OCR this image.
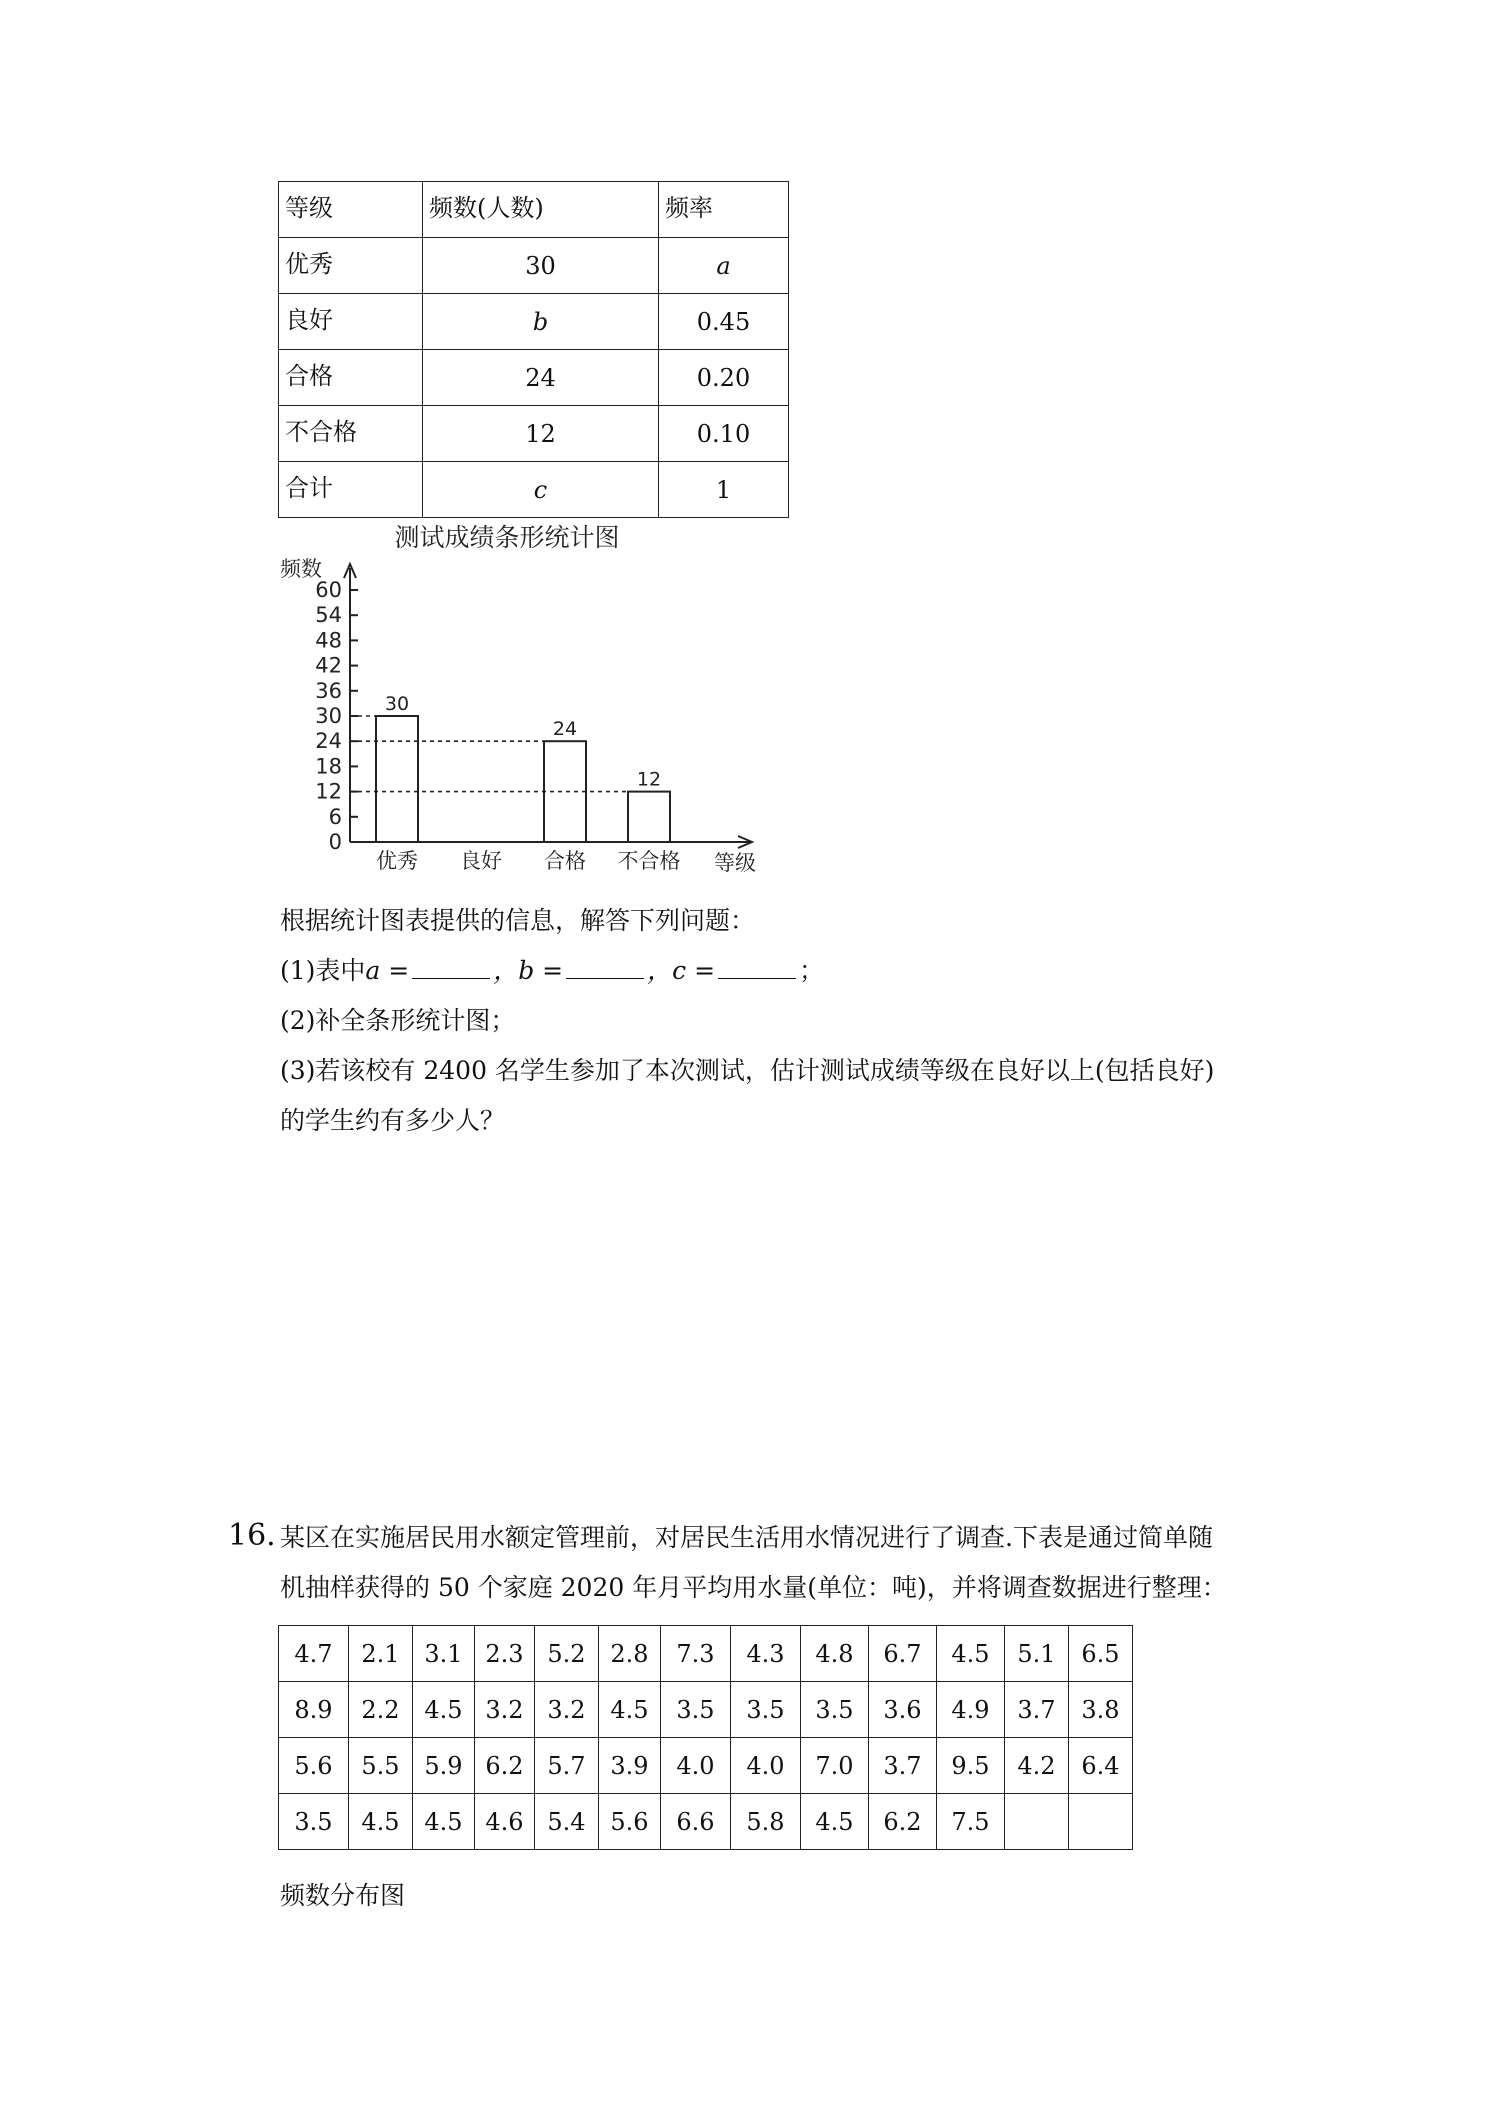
等级	频数(人数)	频率
优秀	30	a
良好	b	0.45
合格	24	0.20
不合格	12	0.10
合计	c	1
测试成绩条形统计图
频数
等级
0
6
12
18
24
30
36
42
48
54
60
优秀
30
良好 合格
24
不合格
12
根据统计图表提供的信息，解答下列问题：
(1)表中𝑎 =	，𝑏 =	，𝑐 =	；
(2)补全条形统计图；
(3)若该校有 2400 名学生参加了本次测试，估计测试成绩等级在良好以上(包括良好)
的学生约有多少人？
16. 某区在实施居民用水额定管理前，对居民生活用水情况进行了调查.下表是通过简单随
机抽样获得的 50 个家庭 2020 年月平均用水量(单位：吨)，并将调查数据进行整理：
4.7	2.1	3.1	2.3	5.2	2.8	7.3	4.3	4.8	6.7	4.5	5.1	6.5
8.9	2.2	4.5	3.2	3.2	4.5	3.5	3.5	3.5	3.6	4.9	3.7	3.8
5.6	5.5	5.9	6.2	5.7	3.9	4.0	4.0	7.0	3.7	9.5	4.2	6.4
3.5	4.5	4.5	4.6	5.4	5.6	6.6	5.8	4.5	6.2	7.5		
频数分布图
